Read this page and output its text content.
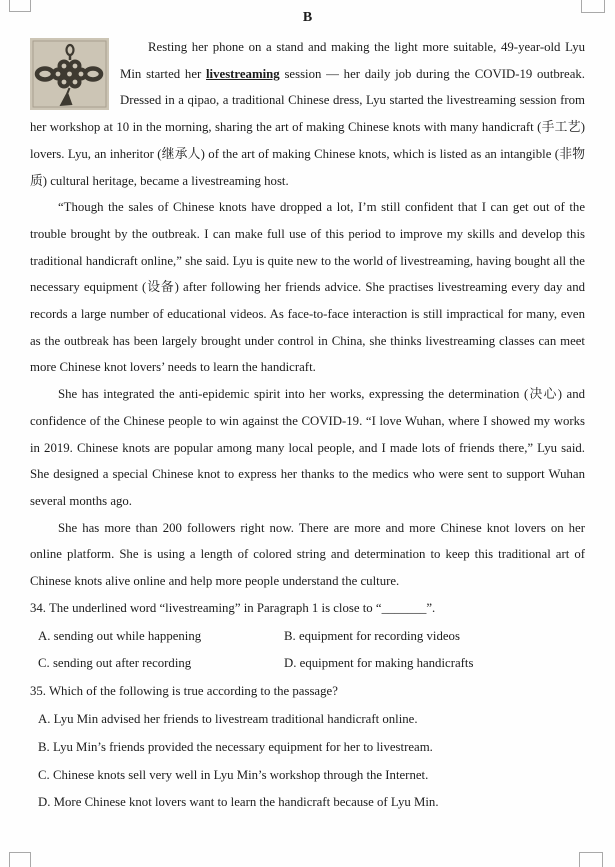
B

Resting her phone on a stand and making the light more suitable, 49-year-old Lyu Min started her livestreaming session — her daily job during the COVID-19 outbreak. Dressed in a qipao, a traditional Chinese dress, Lyu started the livestreaming session from her workshop at 10 in the morning, sharing the art of making Chinese knots with many handicraft (手工艺) lovers. Lyu, an inheritor (继承人) of the art of making Chinese knots, which is listed as an intangible (非物质) cultural heritage, became a livestreaming host.

“Though the sales of Chinese knots have dropped a lot, I’m still confident that I can get out of the trouble brought by the outbreak. I can make full use of this period to improve my skills and develop this traditional handicraft online,” she said. Lyu is quite new to the world of livestreaming, having bought all the necessary equipment (设备) after following her friends advice. She practises livestreaming every day and records a large number of educational videos. As face-to-face interaction is still impractical for many, even as the outbreak has been largely brought under control in China, she thinks livestreaming classes can meet more Chinese knot lovers’ needs to learn the handicraft.

She has integrated the anti-epidemic spirit into her works, expressing the determination (决心) and confidence of the Chinese people to win against the COVID-19. “I love Wuhan, where I showed my works in 2019. Chinese knots are popular among many local people, and I made lots of friends there,” Lyu said. She designed a special Chinese knot to express her thanks to the medics who were sent to support Wuhan several months ago.

She has more than 200 followers right now. There are more and more Chinese knot lovers on her online platform. She is using a length of colored string and determination to keep this traditional art of Chinese knots alive online and help more people understand the culture.

34. The underlined word “livestreaming” in Paragraph 1 is close to “_______”.
A. sending out while happening	B. equipment for recording videos
C. sending out after recording	D. equipment for making handicrafts
35. Which of the following is true according to the passage?
A. Lyu Min advised her friends to livestream traditional handicraft online.
B. Lyu Min’s friends provided the necessary equipment for her to livestream.
C. Chinese knots sell very well in Lyu Min’s workshop through the Internet.
D. More Chinese knot lovers want to learn the handicraft because of Lyu Min.
